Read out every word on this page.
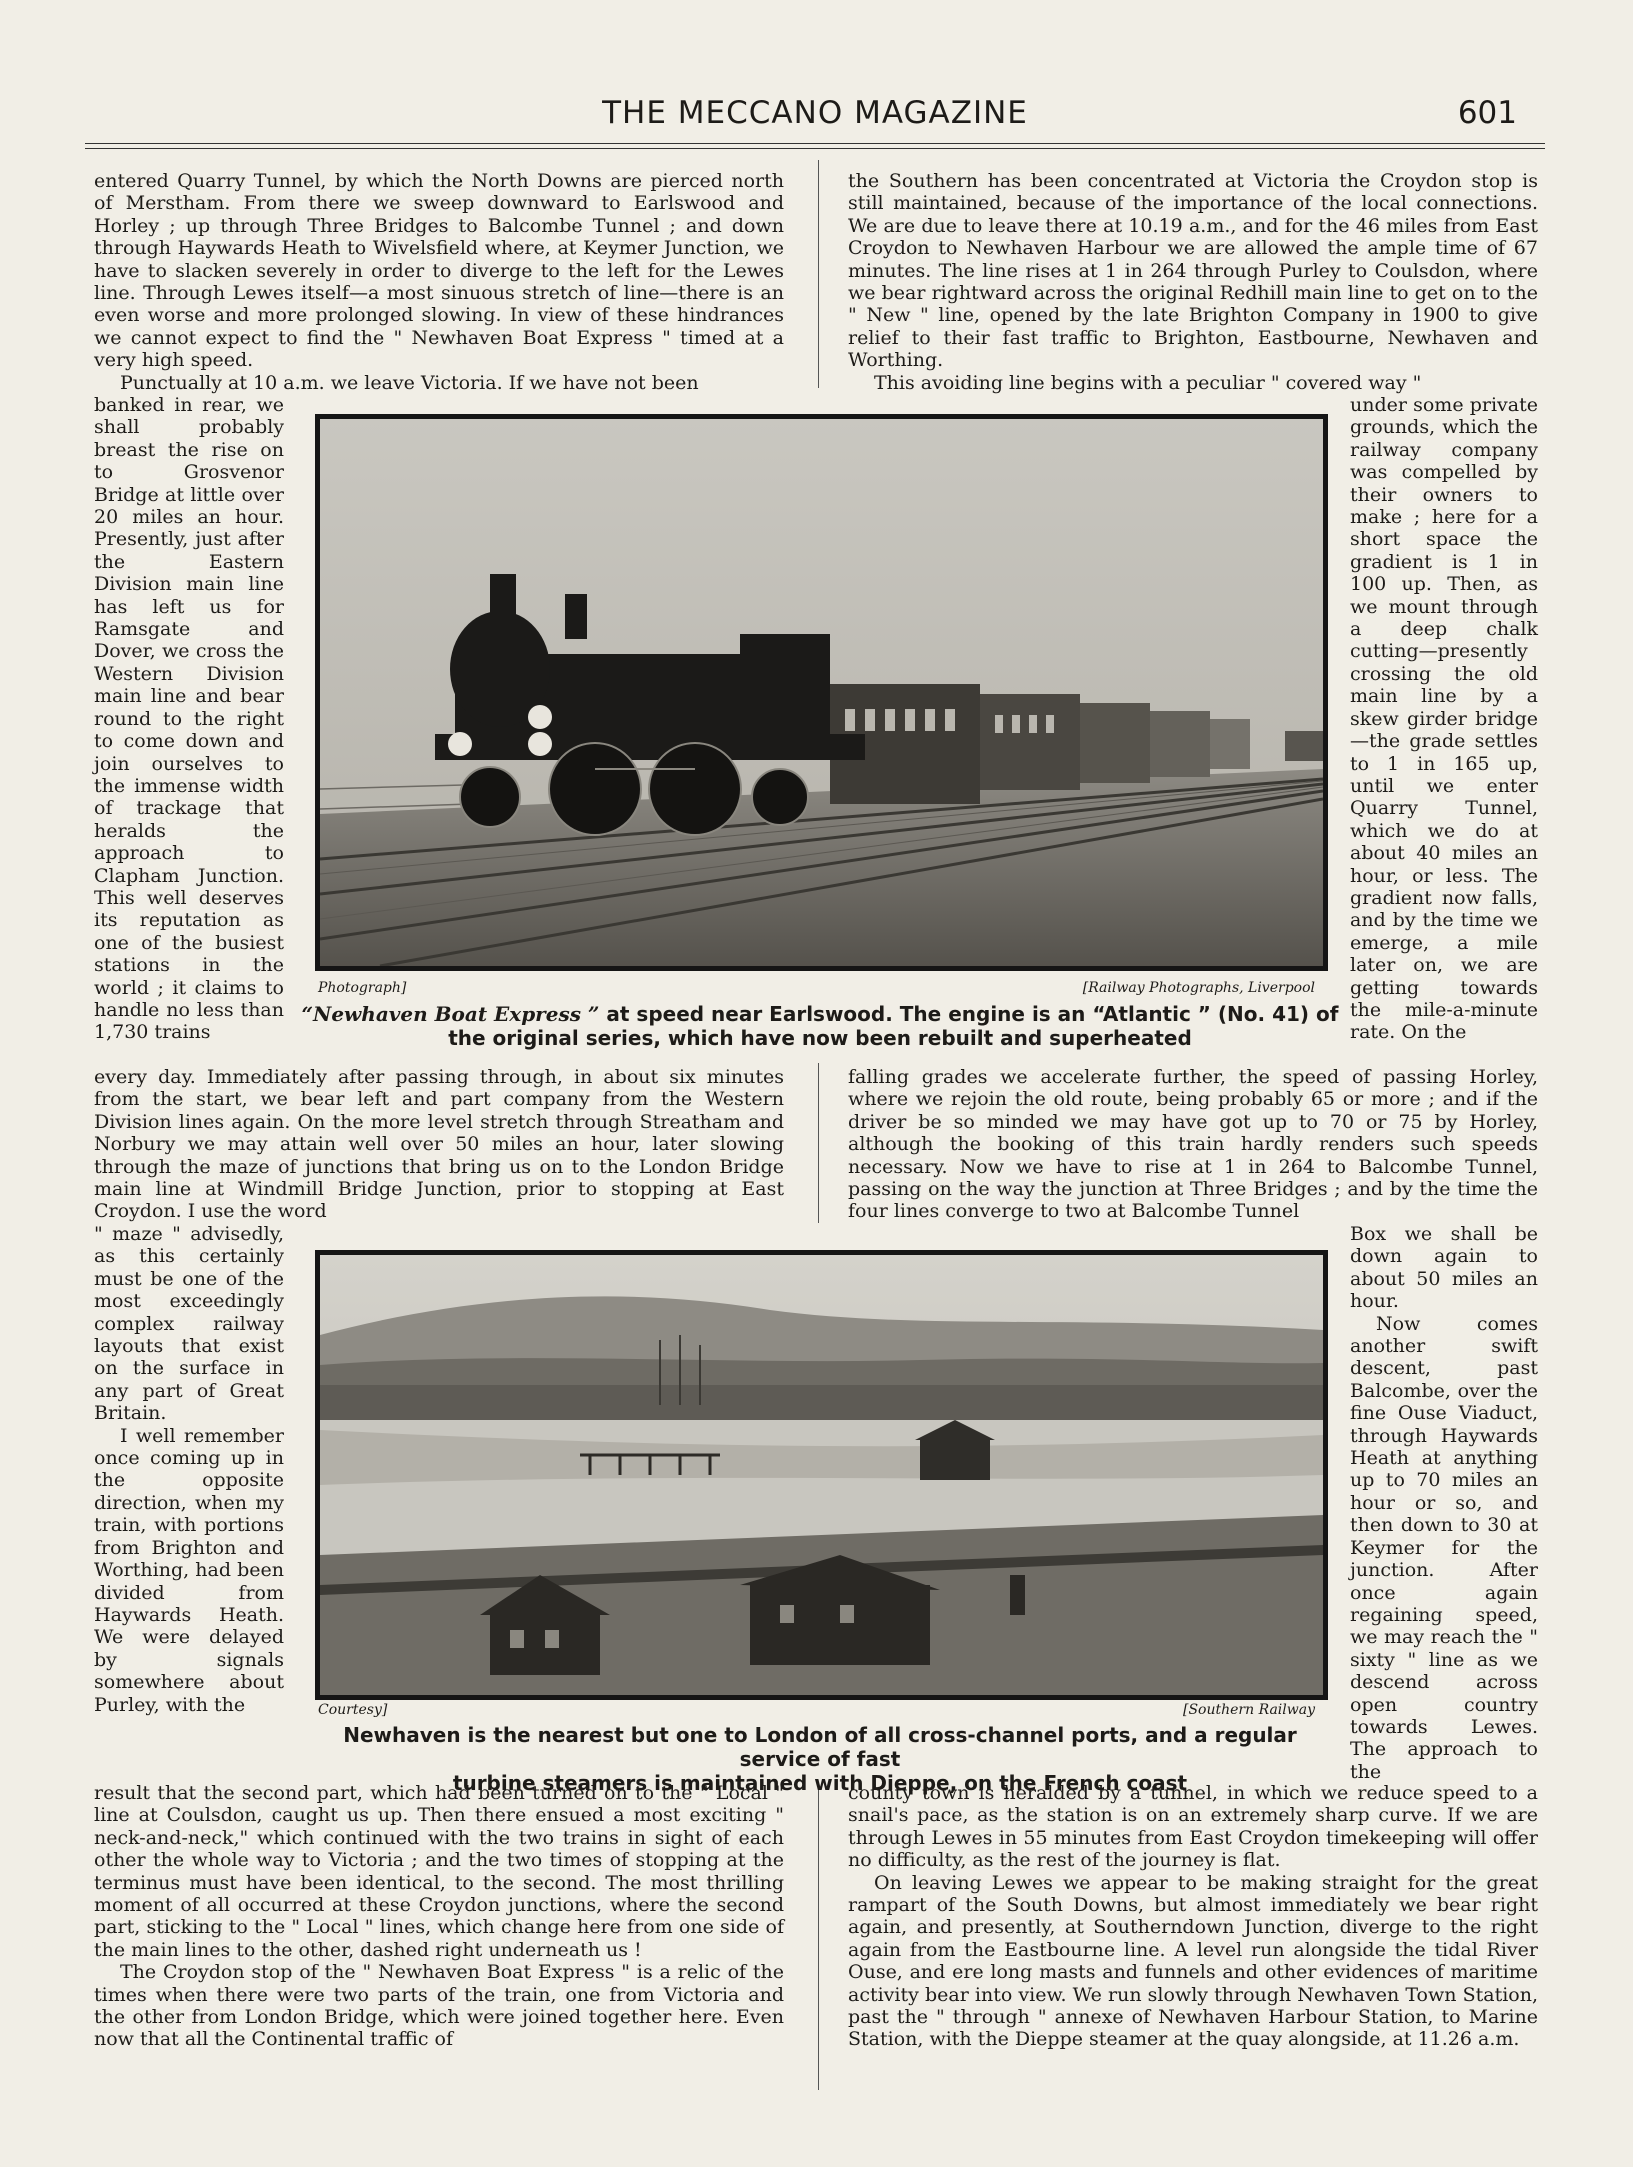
THE MECCANO MAGAZINE	601

entered Quarry Tunnel, by which the North Downs are pierced north of Merstham. From there we sweep downward to Earlswood and Horley ; up through Three Bridges to Balcombe Tunnel ; and down through Haywards Heath to Wivelsfield where, at Keymer Junction, we have to slacken severely in order to diverge to the left for the Lewes line. Through Lewes itself—a most sinuous stretch of line—there is an even worse and more prolonged slowing. In view of these hindrances we cannot expect to find the " Newhaven Boat Express " timed at a very high speed.

Punctually at 10 a.m. we leave Victoria. If we have not been

banked in rear, we shall probably breast the rise on to Grosvenor Bridge at little over 20 miles an hour. Presently, just after the Eastern Division main line has left us for Ramsgate and Dover, we cross the Western Division main line and bear round to the right to come down and join ourselves to the immense width of trackage that heralds the approach to Clapham Junction. This well deserves its reputation as one of the busiest stations in the world ; it claims to handle no less than 1,730 trains

every day. Immediately after passing through, in about six minutes from the start, we bear left and part company from the Western Division lines again. On the more level stretch through Streatham and Norbury we may attain well over 50 miles an hour, later slowing through the maze of junctions that bring us on to the London Bridge main line at Windmill Bridge Junction, prior to stopping at East Croydon. I use the word

" maze " advisedly, as this certainly must be one of the most exceedingly complex railway layouts that exist on the surface in any part of Great Britain.

I well remember once coming up in the opposite direction, when my train, with portions from Brighton and Worthing, had been divided from Haywards Heath. We were delayed by signals somewhere about Purley, with the

result that the second part, which had been turned on to the " Local " line at Coulsdon, caught us up. Then there ensued a most exciting " neck-and-neck," which continued with the two trains in sight of each other the whole way to Victoria ; and the two times of stopping at the terminus must have been identical, to the second. The most thrilling moment of all occurred at these Croydon junctions, where the second part, sticking to the " Local " lines, which change here from one side of the main lines to the other, dashed right underneath us !

The Croydon stop of the " Newhaven Boat Express " is a relic of the times when there were two parts of the train, one from Victoria and the other from London Bridge, which were joined together here. Even now that all the Continental traffic of

the Southern has been concentrated at Victoria the Croydon stop is still maintained, because of the importance of the local connections. We are due to leave there at 10.19 a.m., and for the 46 miles from East Croydon to Newhaven Harbour we are allowed the ample time of 67 minutes. The line rises at 1 in 264 through Purley to Coulsdon, where we bear rightward across the original Redhill main line to get on to the " New " line, opened by the late Brighton Company in 1900 to give relief to their fast traffic to Brighton, Eastbourne, Newhaven and Worthing.

This avoiding line begins with a peculiar " covered way "

under some private grounds, which the railway company was compelled by their owners to make ; here for a short space the gradient is 1 in 100 up. Then, as we mount through a deep chalk cutting—presently crossing the old main line by a skew girder bridge—the grade settles to 1 in 165 up, until we enter Quarry Tunnel, which we do at about 40 miles an hour, or less. The gradient now falls, and by the time we emerge, a mile later on, we are getting towards the mile-a-minute rate. On the

falling grades we accelerate further, the speed of passing Horley, where we rejoin the old route, being probably 65 or more ; and if the driver be so minded we may have got up to 70 or 75 by Horley, although the booking of this train hardly renders such speeds necessary. Now we have to rise at 1 in 264 to Balcombe Tunnel, passing on the way the junction at Three Bridges ; and by the time the four lines converge to two at Balcombe Tunnel

Box we shall be down again to about 50 miles an hour.

Now comes another swift descent, past Balcombe, over the fine Ouse Viaduct, through Haywards Heath at anything up to 70 miles an hour or so, and then down to 30 at Keymer for the junction. After once again regaining speed, we may reach the " sixty " line as we descend across open country towards Lewes. The approach to the

county town is heralded by a tunnel, in which we reduce speed to a snail's pace, as the station is on an extremely sharp curve. If we are through Lewes in 55 minutes from East Croydon timekeeping will offer no difficulty, as the rest of the journey is flat.

On leaving Lewes we appear to be making straight for the great rampart of the South Downs, but almost immediately we bear right again, and presently, at Southerndown Junction, diverge to the right again from the Eastbourne line. A level run alongside the tidal River Ouse, and ere long masts and funnels and other evidences of maritime activity bear into view. We run slowly through Newhaven Town Station, past the " through " annexe of Newhaven Harbour Station, to Marine Station, with the Dieppe steamer at the quay alongside, at 11.26 a.m.

Photograph]	[Railway Photographs, Liverpool
“Newhaven Boat Express ” at speed near Earlswood. The engine is an “Atlantic ” (No. 41) of
the original series, which have now been rebuilt and superheated
Courtesy]	[Southern Railway
Newhaven is the nearest but one to London of all cross-channel ports, and a regular service of fast
turbine steamers is maintained with Dieppe, on the French coast
